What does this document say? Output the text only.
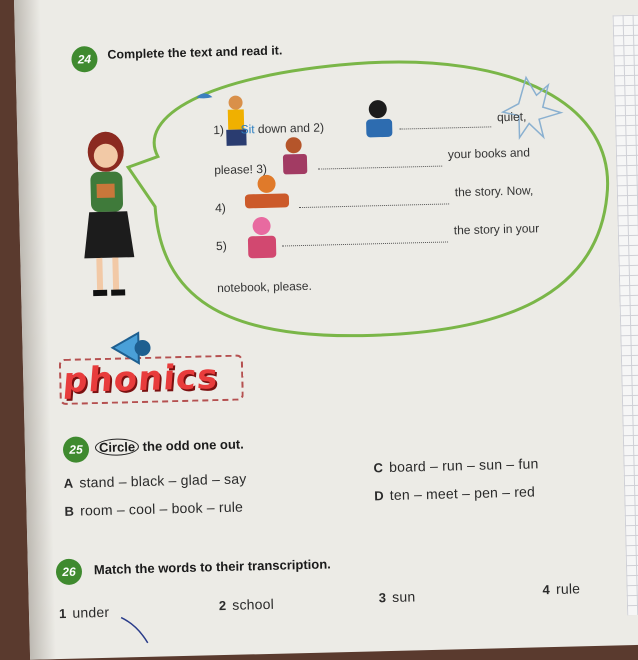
24 Complete the text and read it.
1) Sit down and 2)
quiet,
please! 3)
your books and
4)
the story. Now,
5)
the story in your
notebook, please.
phonics
25	Circle the odd one out.
A stand – black – glad – say
B room – cool – book – rule
C board – run – sun – fun
D ten – meet – pen – red
26 Match the words to their transcription.
1 under	2 school	3 sun	4 rule
